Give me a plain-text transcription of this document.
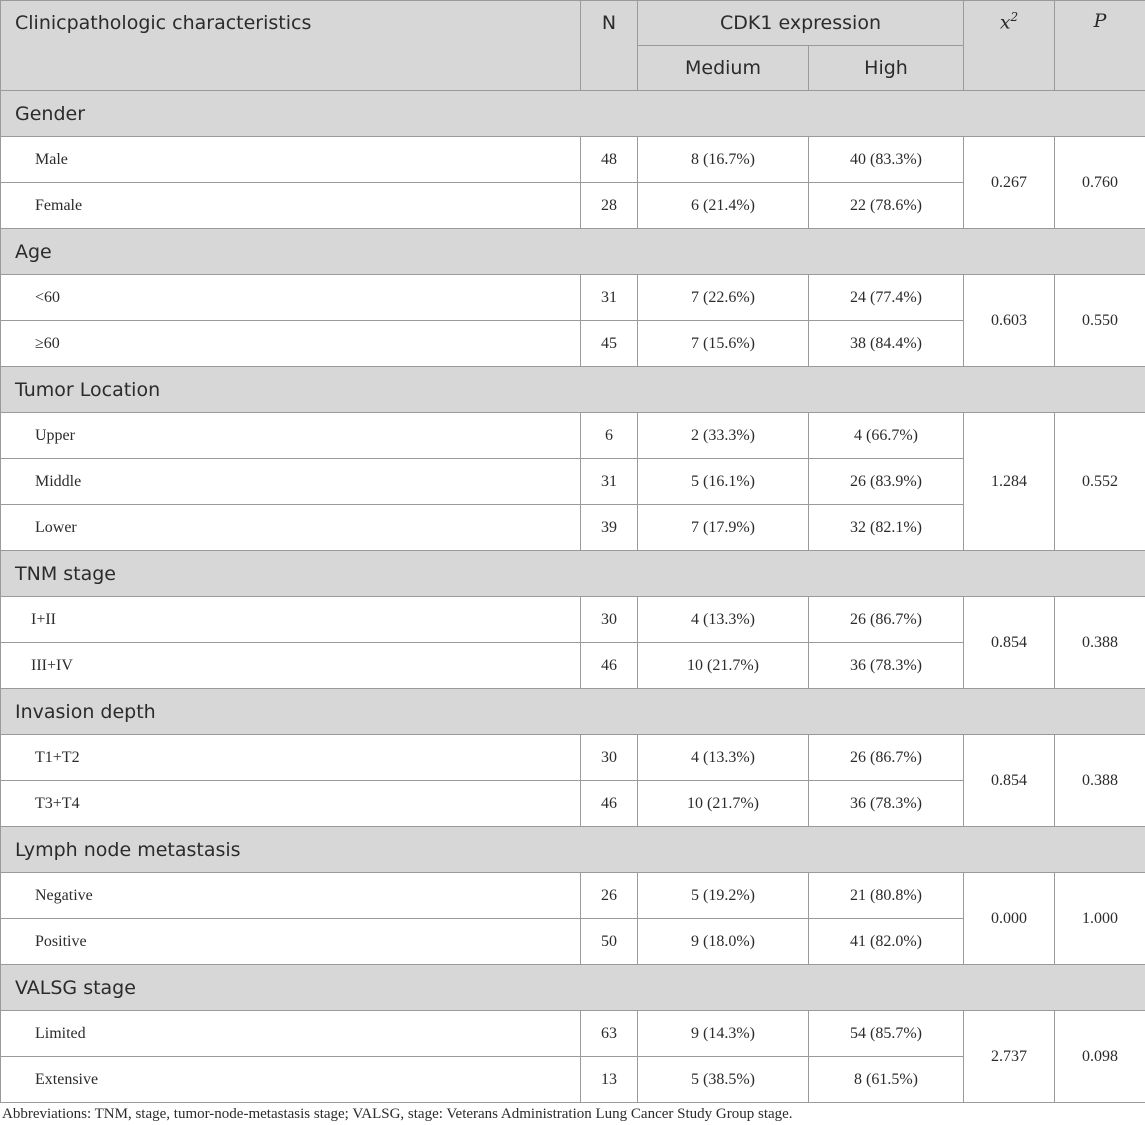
Clinicpathologic characteristics	N	CDK1 expression		$x^2$	P
		Medium	High		
Gender					
Male	48	8 (16.7%)	40 (83.3%)	0.267	0.760
Female	28	6 (21.4%)	22 (78.6%)		
Age					
<60	31	7 (22.6%)	24 (77.4%)	0.603	0.550
≥60	45	7 (15.6%)	38 (84.4%)		
Tumor Location					
Upper	6	2 (33.3%)	4 (66.7%)	1.284	0.552
Middle	31	5 (16.1%)	26 (83.9%)		
Lower	39	7 (17.9%)	32 (82.1%)		
TNM stage					
I+II	30	4 (13.3%)	26 (86.7%)	0.854	0.388
III+IV	46	10 (21.7%)	36 (78.3%)		
Invasion depth					
T1+T2	30	4 (13.3%)	26 (86.7%)	0.854	0.388
T3+T4	46	10 (21.7%)	36 (78.3%)		
Lymph node metastasis					
Negative	26	5 (19.2%)	21 (80.8%)	0.000	1.000
Positive	50	9 (18.0%)	41 (82.0%)		
VALSG stage					
Limited	63	9 (14.3%)	54 (85.7%)	2.737	0.098
Extensive	13	5 (38.5%)	8 (61.5%)		
Abbreviations: TNM, stage, tumor-node-metastasis stage; VALSG, stage: Veterans Administration Lung Cancer Study Group stage.
